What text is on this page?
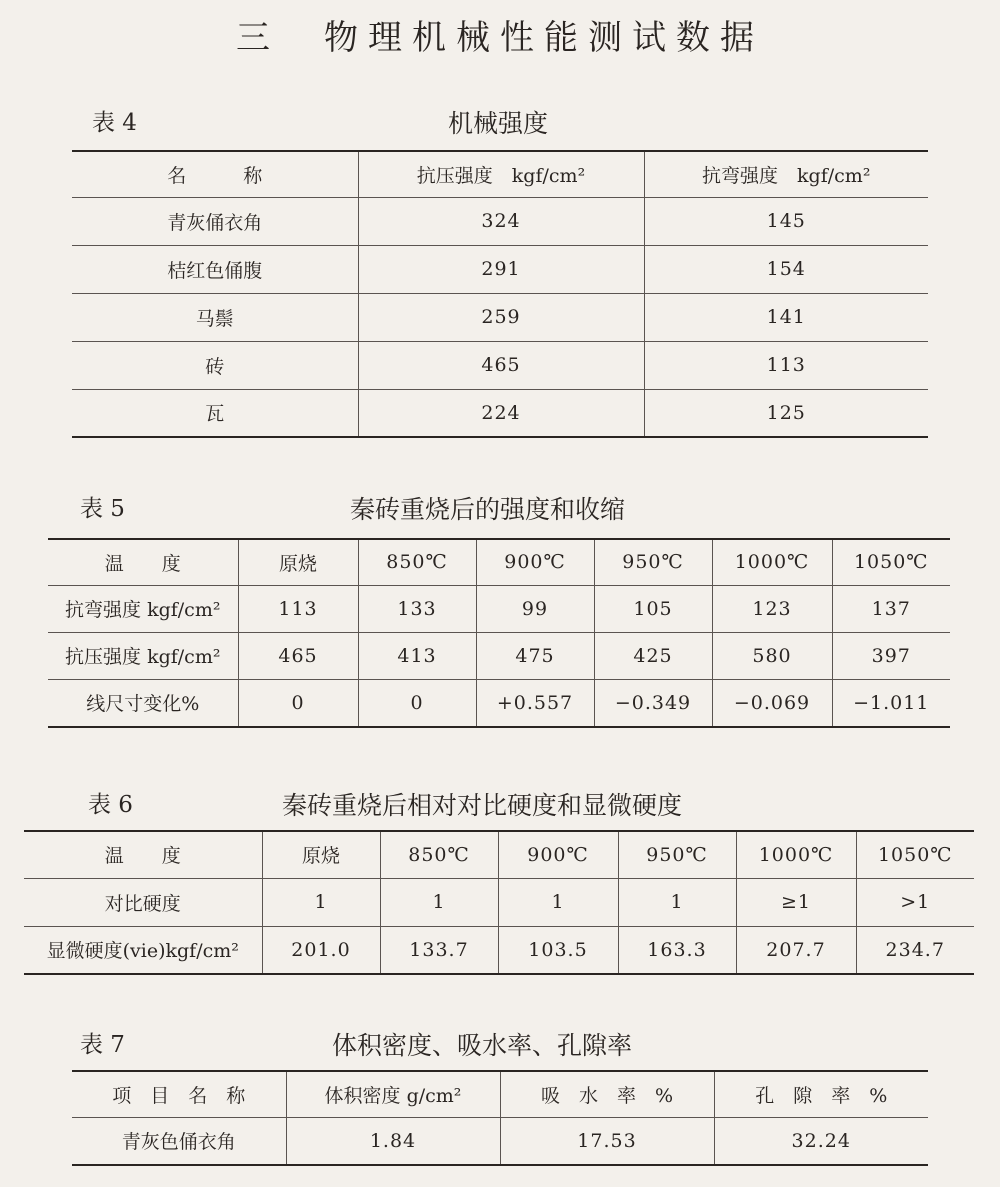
三　物理机械性能测试数据
表 4	机械强度
名　　　称	抗压强度　kgf/cm²	抗弯强度　kgf/cm²
青灰俑衣角	324	145
桔红色俑腹	291	154
马鬃	259	141
砖	465	113
瓦	224	125
表 5	秦砖重烧后的强度和收缩
温　　度	原烧	850℃	900℃	950℃	1000℃	1050℃
抗弯强度 kgf/cm²	113	133	99	105	123	137
抗压强度 kgf/cm²	465	413	475	425	580	397
线尺寸变化%	0	0	+0.557	−0.349	−0.069	−1.011
表 6	秦砖重烧后相对对比硬度和显微硬度
温　　度	原烧	850℃	900℃	950℃	1000℃	1050℃
对比硬度	1	1	1	1	≥1	>1
显微硬度(vie)kgf/cm²	201.0	133.7	103.5	163.3	207.7	234.7
表 7	体积密度、吸水率、孔隙率
项　目　名　称	体积密度 g/cm²	吸　水　率　%	孔　隙　率　%
青灰色俑衣角	1.84	17.53	32.24
